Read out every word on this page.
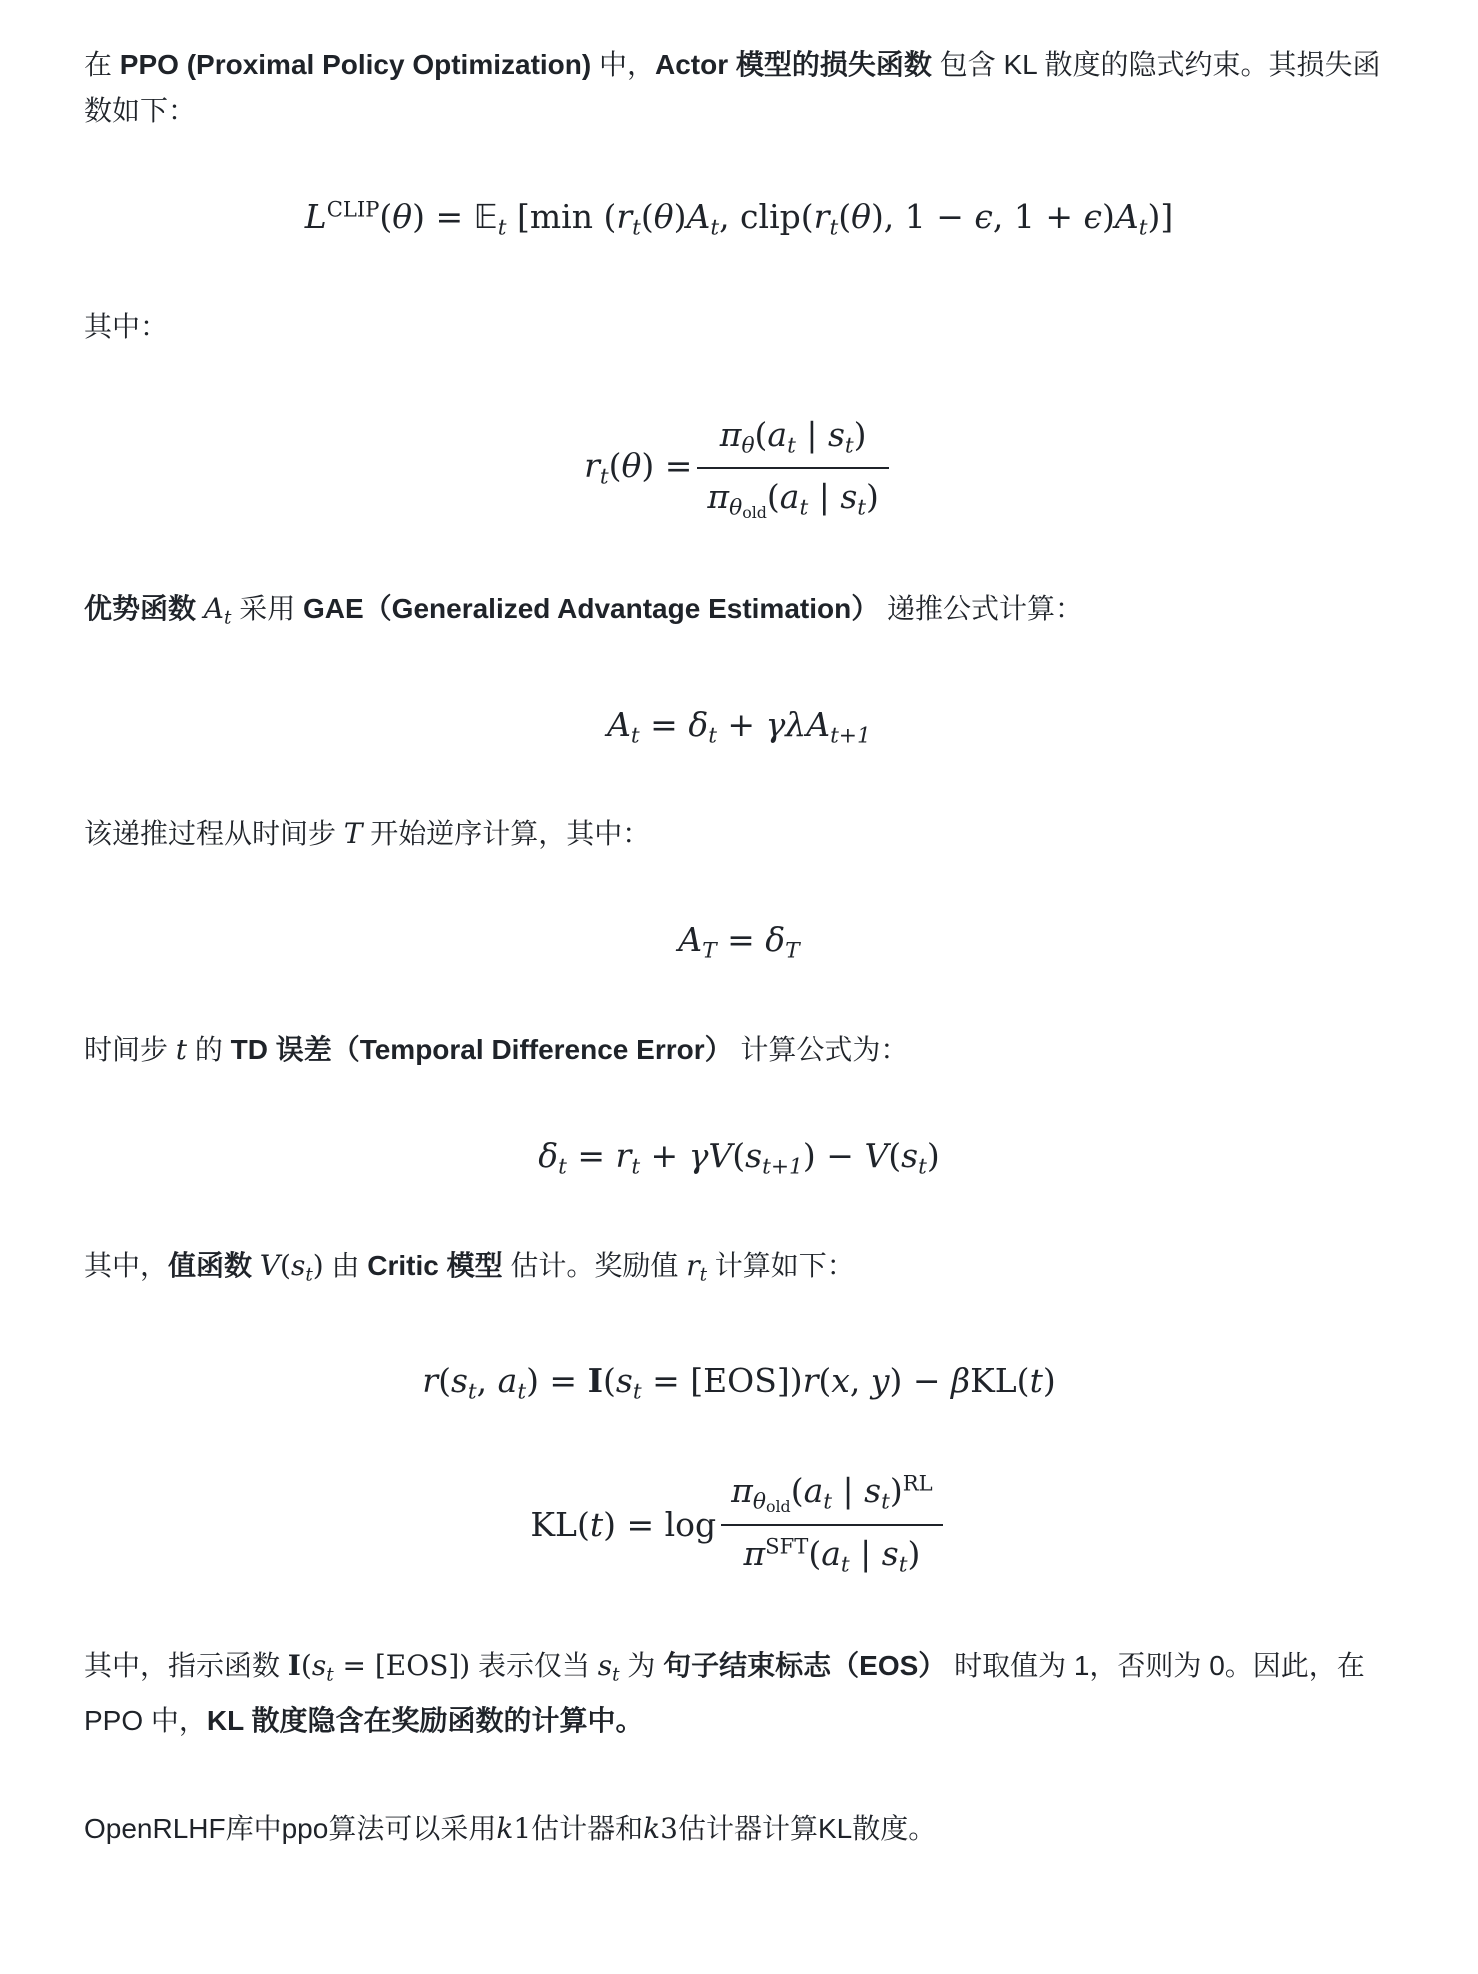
在 PPO (Proximal Policy Optimization) 中，Actor 模型的损失函数 包含 KL 散度的隐式约束。其损失函数如下：

$L^{CLIP}(\theta)$ = 𝔼t [min (rt(θ)At, clip(rt(θ), 1 − ϵ, 1 + ϵ)At)]

其中：

$rt(\theta) = \frac{\pi\theta(at | st)}{\pi\theta_{old}(at | st)}$

优势函数 At 采用 GAE（Generalized Advantage Estimation） 递推公式计算：

At = δt + γλAt+1

该递推过程从时间步 T 开始逆序计算，其中：

AT = δT

时间步 t 的 TD 误差（Temporal Difference Error） 计算公式为：

δt = rt + γV(st+1) − V(st)

其中，值函数 V(st) 由 Critic 模型 估计。奖励值 rt 计算如下：

r(st, at) = I(st = [EOS])r(x, y) − βKL(t)
$KL(t) = \log \frac{\pi\theta_{old}(at | st)^{RL}}{\pi^{SFT}(at | st)}$

其中，指示函数 I(st = [EOS]) 表示仅当 st 为 句子结束标志（EOS） 时取值为 1，否则为 0。因此，在 PPO 中，KL 散度隐含在奖励函数的计算中。

OpenRLHF库中ppo算法可以采用k1估计器和k3估计器计算KL散度。
